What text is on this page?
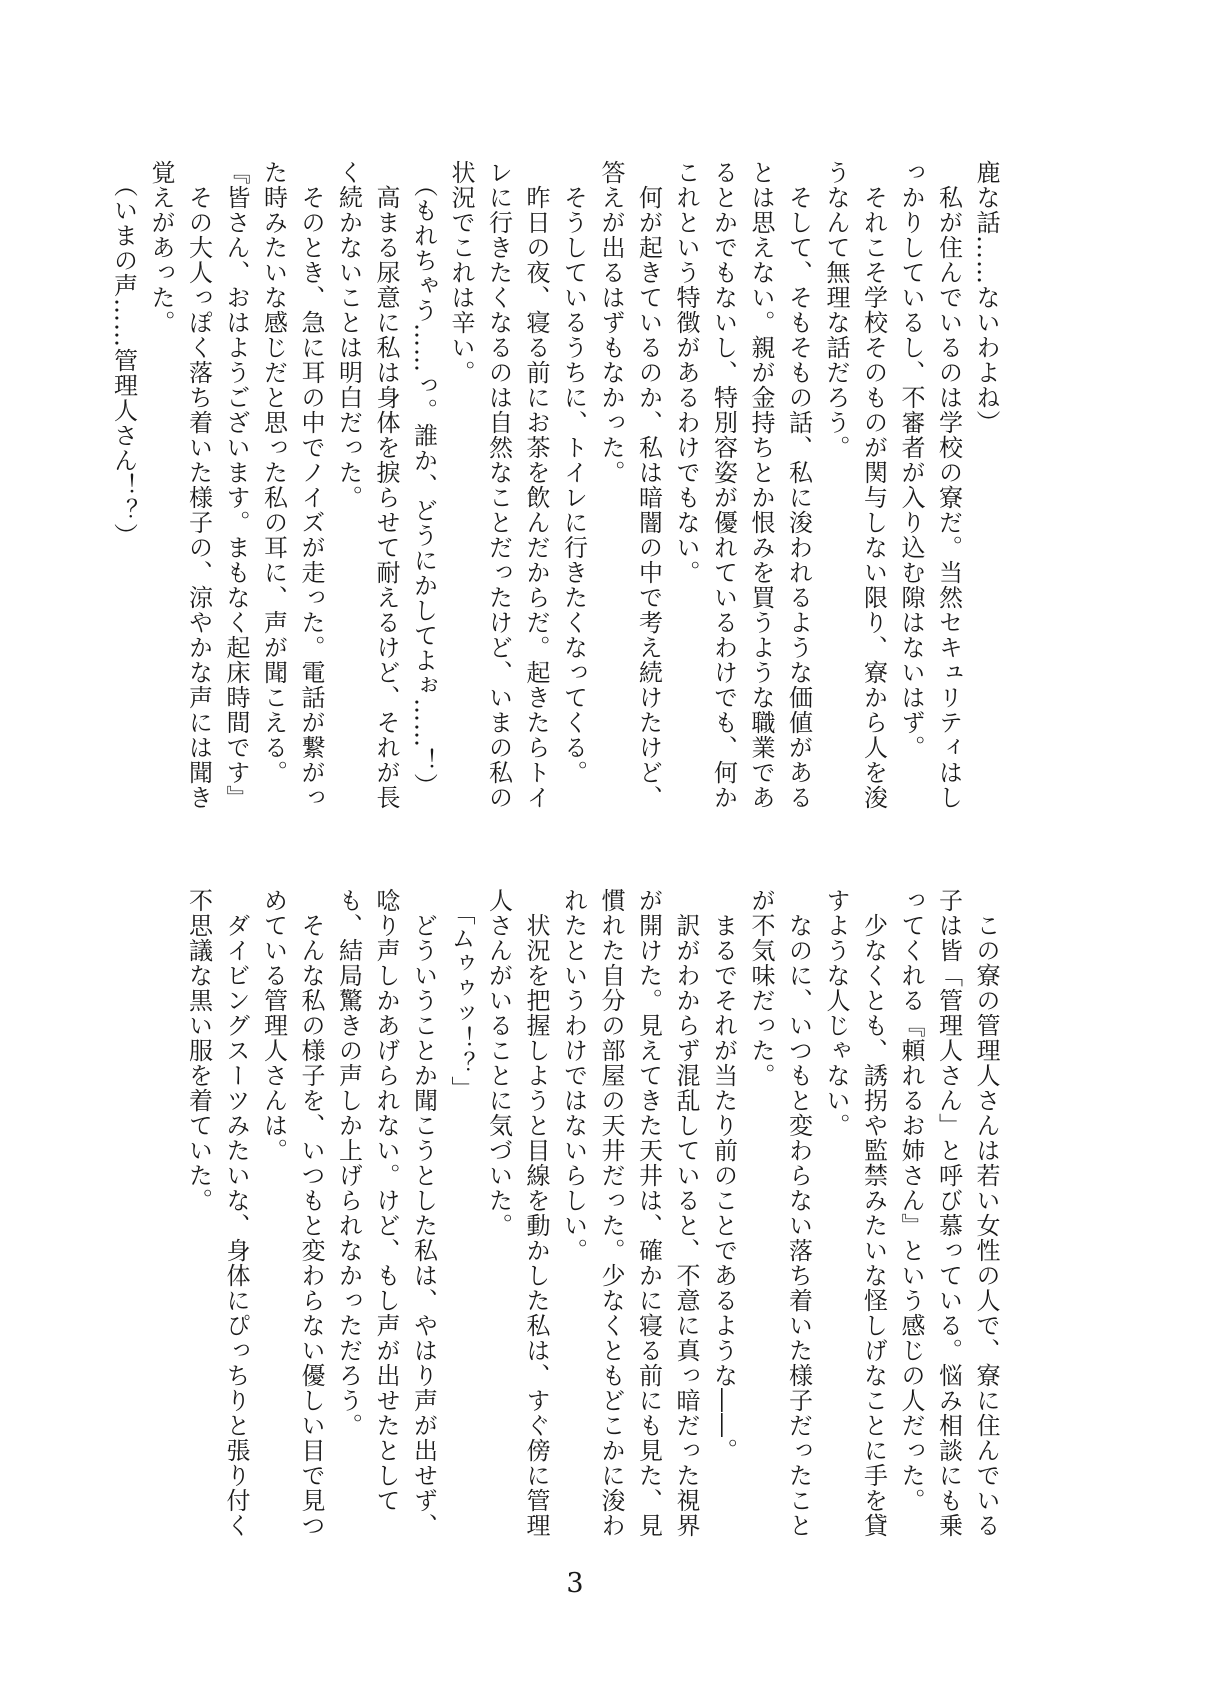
鹿な話……ないわよね）
　私が住んでいるのは学校の寮だ。当然セキュリティはし
っかりしているし、不審者が入り込む隙はないはず。
　それこそ学校そのものが関与しない限り、寮から人を浚
うなんて無理な話だろう。
　そして、そもそもの話、私に浚われるような価値がある
とは思えない。親が金持ちとか恨みを買うような職業であ
るとかでもないし、特別容姿が優れているわけでも、何か
これという特徴があるわけでもない。
　何が起きているのか、私は暗闇の中で考え続けたけど、
答えが出るはずもなかった。
　そうしているうちに、トイレに行きたくなってくる。
　昨日の夜、寝る前にお茶を飲んだからだ。起きたらトイ
レに行きたくなるのは自然なことだったけど、いまの私の
状況でこれは辛い。
　（もれちゃう……っ。誰か、どうにかしてよぉ……！）
　高まる尿意に私は身体を捩らせて耐えるけど、それが長
く続かないことは明白だった。
　そのとき、急に耳の中でノイズが走った。電話が繋がっ
た時みたいな感じだと思った私の耳に、声が聞こえる。
『皆さん、おはようございます。まもなく起床時間です』
　その大人っぽく落ち着いた様子の、涼やかな声には聞き
覚えがあった。
　（いまの声……管理人さん！？）
　この寮の管理人さんは若い女性の人で、寮に住んでいる
子は皆「管理人さん」と呼び慕っている。悩み相談にも乗
ってくれる『頼れるお姉さん』という感じの人だった。
　少なくとも、誘拐や監禁みたいな怪しげなことに手を貸
すような人じゃない。
　なのに、いつもと変わらない落ち着いた様子だったこと
が不気味だった。
　まるでそれが当たり前のことであるような――。
　訳がわからず混乱していると、不意に真っ暗だった視界
が開けた。見えてきた天井は、確かに寝る前にも見た、見
慣れた自分の部屋の天井だった。少なくともどこかに浚わ
れたというわけではないらしい。
　状況を把握しようと目線を動かした私は、すぐ傍に管理
人さんがいることに気づいた。
　「ムゥゥッ！？」
　どういうことか聞こうとした私は、やはり声が出せず、
唸り声しかあげられない。けど、もし声が出せたとして
も、結局驚きの声しか上げられなかっただろう。
　そんな私の様子を、いつもと変わらない優しい目で見つ
めている管理人さんは。
　ダイビングスーツみたいな、身体にぴっちりと張り付く
不思議な黒い服を着ていた。
3
